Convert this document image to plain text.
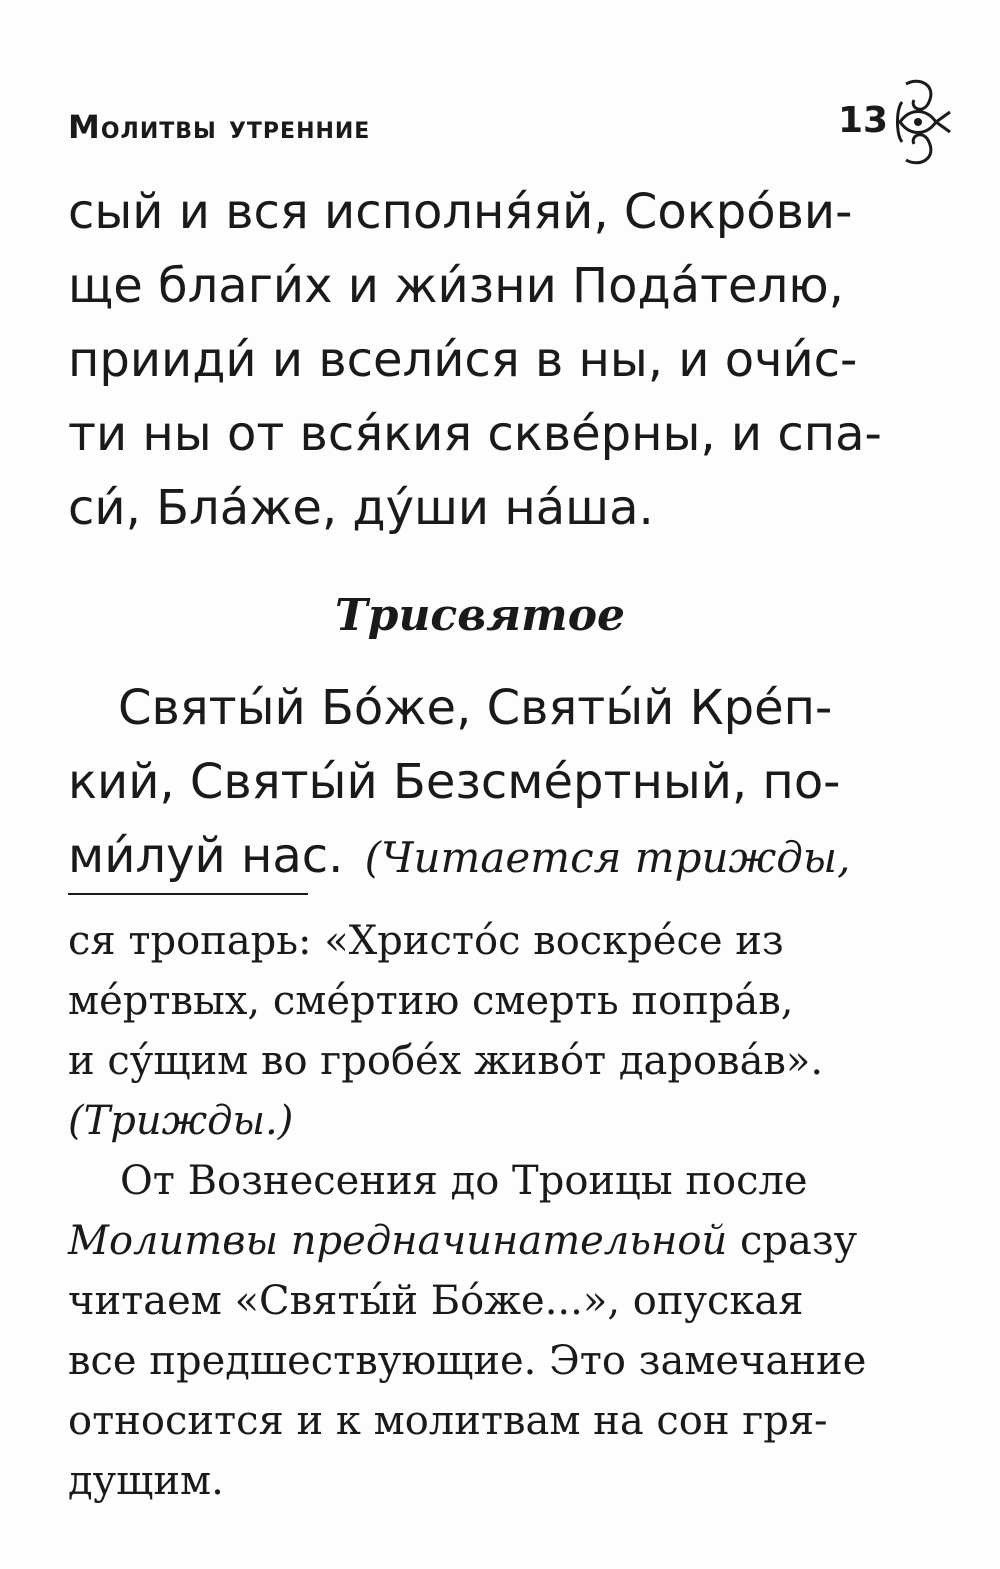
Молитвы утренние	13
сый и вся исполня́яй, Сокро́ви-
ще благи́х и жи́зни Пода́телю,
прииди́ и всели́ся в ны, и очи́с-
ти ны от вся́кия скве́рны, и спа-
си́, Бла́же, ду́ши на́ша.
Трисвятое
Святы́й Бо́же, Святы́й Кре́п-
кий, Святы́й Безсме́ртный, по-
ми́луй нас. (Читается трижды,
ся тропарь: «Христо́с воскре́се из
ме́ртвых, сме́ртию смерть попра́в,
и су́щим во гробе́х живо́т дарова́в».
(Трижды.)
От Вознесения до Троицы после
Молитвы предначинательной сразу
читаем «Святы́й Бо́же...», опуская
все предшествующие. Это замечание
относится и к молитвам на сон гря-
дущим.
